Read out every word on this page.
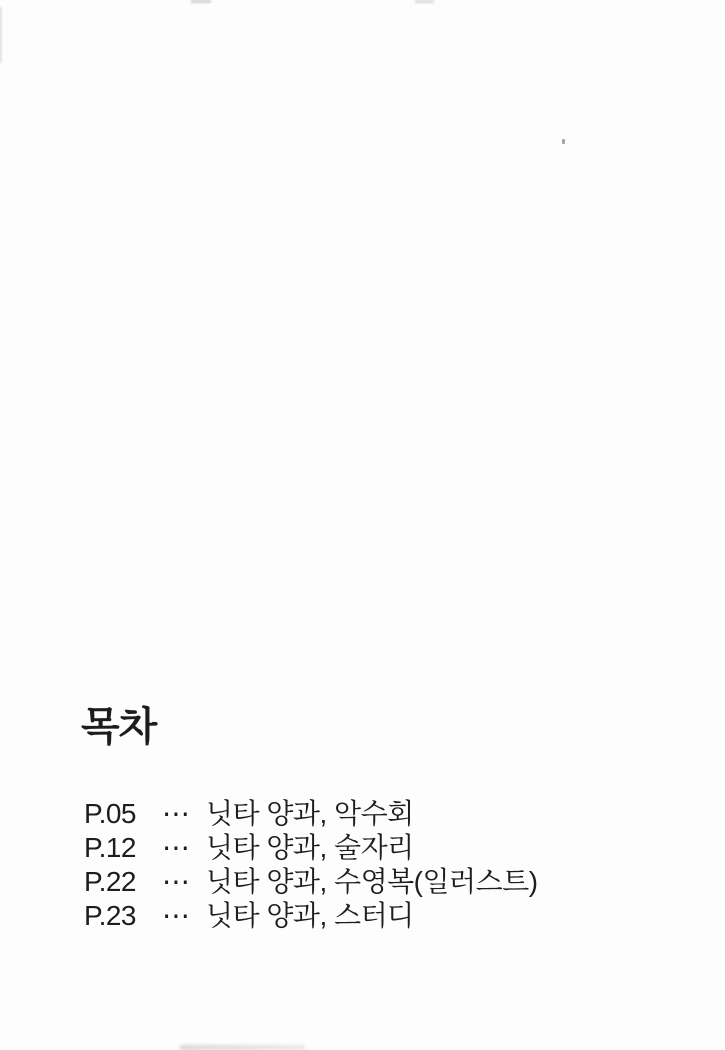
목차
P.05 ⋯ 닛타 양과, 악수회
P.12 ⋯ 닛타 양과, 술자리
P.22 ⋯ 닛타 양과, 수영복(일러스트)
P.23 ⋯ 닛타 양과, 스터디
